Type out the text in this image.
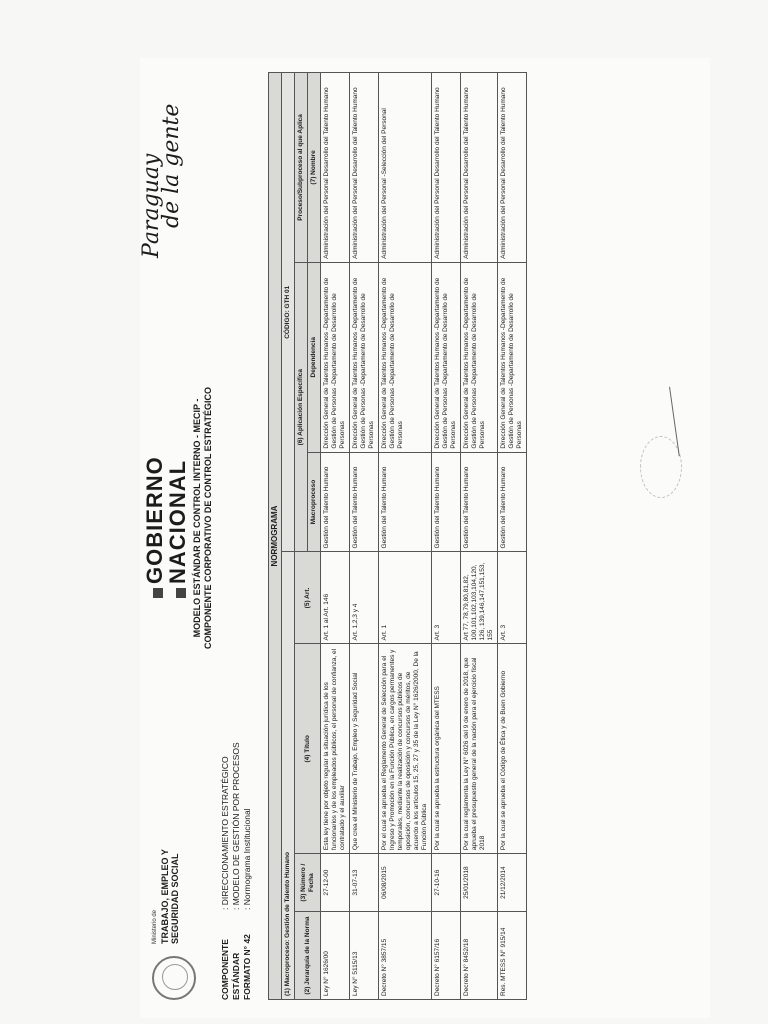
Ministerio de TRABAJO, EMPLEO Y SEGURIDAD SOCIAL
GOBIERNO
NACIONAL
Paraguay
de la gente
MODELO ESTÁNDAR DE CONTROL INTERNO - MECIP - COMPONENTE CORPORATIVO DE CONTROL ESTRATÉGICO
COMPONENTE: DIRECCIONAMIENTO ESTRATÉGICO
ESTÁNDAR: MODELO DE GESTIÓN POR PROCESOS
FORMATO N° 42: Normograma Institucional
NORMOGRAMA						
(1) Macroproceso: Gestión de Talento Humano				CÓDIGO: GTH 01		
(2) Jerarquía de la Norma	(3) Número / Fecha	(4) Título	(5) Art.	(6) Aplicación Específica		Proceso/Subproceso al que Aplica
				Macroproceso	Dependencia	(7) Nombre
Ley N° 1626/00	27-12-00	Esta ley tiene por objeto regular la situación jurídica de los funcionarios y de los empleados públicos, el personal de confianza, el contratado y el auxiliar	Art. 1 al Art. 146	Gestión del Talento Humano	Dirección General de Talentos Humanos -Departamento de Gestión de Personas -Departamento de Desarrollo de Personas	Administración del Personal Desarrollo del Talento Humano
Ley N° 5115/13	31-07-13	Que crea el Ministerio de Trabajo, Empleo y Seguridad Social	Art. 1,2,3 y 4	Gestión del Talento Humano	Dirección General de Talentos Humanos -Departamento de Gestión de Personas -Departamento de Desarrollo de Personas	Administración del Personal Desarrollo del Talento Humano
Decreto N° 3857/15	06/08/2015	Por el cual se aprueba el Reglamento General de Selección para el Ingreso y Promoción en la Función Pública, en cargos permanentes y temporales, mediante la realización de concursos públicos de oposición, concursos de oposición y concursos de méritos, de acuerdo a los artículos 15, 25, 27 y 35 de la Ley N° 1626/2000, De la Función Pública	Art. 1	Gestión del Talento Humano	Dirección General de Talentos Humanos -Departamento de Gestión de Personas -Departamento de Desarrollo de Personas	Administración del Personal -Selección del Personal
Decreto N° 6157/16	27-10-16	Por la cual se aprueba la estructura orgánica del MTESS	Art. 3	Gestión del Talento Humano	Dirección General de Talentos Humanos -Departamento de Gestión de Personas -Departamento de Desarrollo de Personas	Administración del Personal Desarrollo del Talento Humano
Decreto N° 8452/18	25/01/2018	Por la cual reglamenta la Ley N° 6026 del 9 de enero de 2018, que aprueba el presupuesto general de la nación para el ejercicio fiscal 2018	Art 77, 78,79,80,81,82, 100,101,102,103,104,120, 126, 139,146,147,151,153, 155	Gestión del Talento Humano	Dirección General de Talentos Humanos -Departamento de Gestión de Personas -Departamento de Desarrollo de Personas	Administración del Personal Desarrollo del Talento Humano
Res. MTESS N° 915/14	21/12/2014	Por la cual se aprueba el Código de Ética y de Buen Gobierno	Art. 3	Gestión del Talento Humano	Dirección General de Talentos Humanos -Departamento de Gestión de Personas -Departamento de Desarrollo de Personas	Administración del Personal Desarrollo del Talento Humano
